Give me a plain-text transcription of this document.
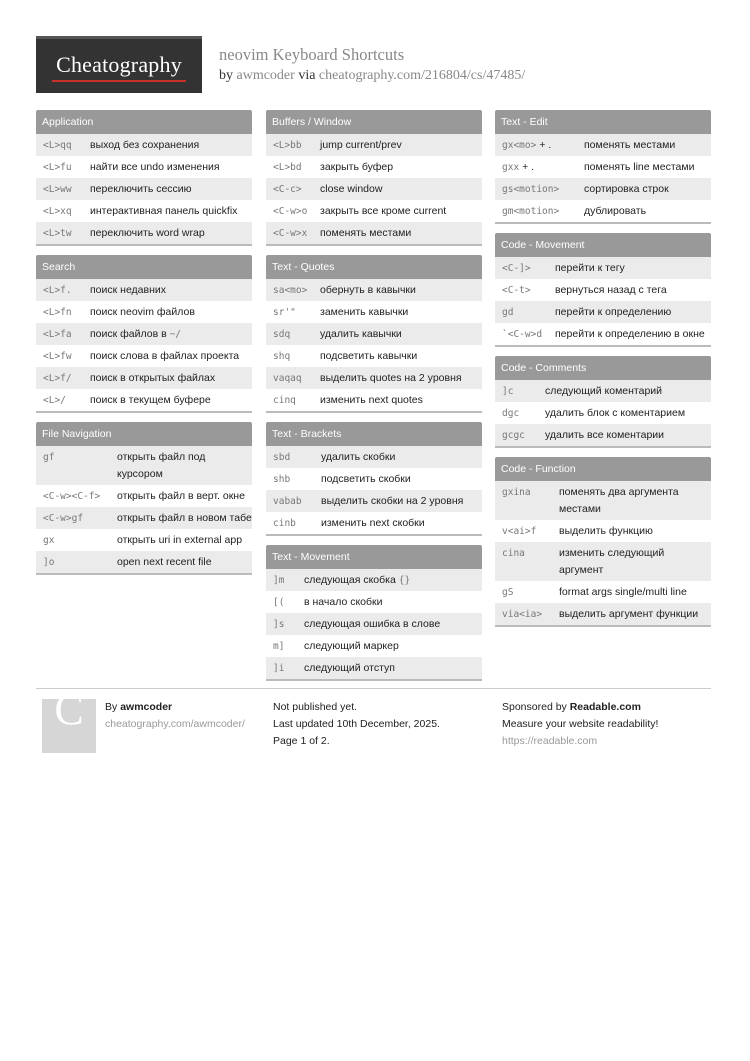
Cheatography	neovim Keyboard Shortcuts
by awmcoder via cheatography.com/216804/cs/47485/
Application
<L>qq	выход без сохранения
<L>fu	найти все undo изменения
<L>ww	переключить сессию
<L>xq	интерактивная панель quickfix
<L>tw	переключить word wrap
Search
<L>f.	поиск недавних
<L>fn	поиск neovim файлов
<L>fa	поиск файлов в ~/
<L>fw	поиск слова в файлах проекта
<L>f/	поиск в открытых файлах
<L>/	поиск в текущем буфере
File Navigation
gf	открыть файл под курсором
<C-w><C-f>	открыть файл в верт. окне
<C-w>gf	открыть файл в новом табе
gx	открыть uri in external app
]o	open next recent file
Buffers / Window
<L>bb	jump current/prev
<L>bd	закрыть буфер
<C-c>	close window
<C-w>o	закрыть все кроме current
<C-w>x	поменять местами
Text - Quotes
sa<mo>	обернуть в кавычки
sr'"	заменить кавычки
sdq	удалить кавычки
shq	подсветить кавычки
vaqaq	выделить quotes на 2 уровня
cinq	изменить next quotes
Text - Brackets
sbd	удалить скобки
shb	подсветить скобки
vabab	выделить скобки на 2 уровня
cinb	изменить next скобки
Text - Movement
]m	следующая скобка {}
[(	в начало скобки
]s	следующая ошибка в слове
m]	следующий маркер
]i	следующий отступ
Text - Edit
gx<mo> + .	поменять местами
gxx + .	поменять line местами
gs<motion>	сортировка строк
gm<motion>	дублировать
Code - Movement
<C-]>	перейти к тегу
<C-t>	вернуться назад с тега
gd	перейти к определению
`<C-w>d	перейти к определению в окне
Code - Comments
]c	следующий коментарий
dgc	удалить блок с коментарием
gcgc	удалить все коментарии
Code - Function
gxina	поменять два аргумента местами
v<ai>f	выделить функцию
cina	изменить следующий аргумент
gS	format args single/multi line
via<ia>	выделить аргумент функции
C	By awmcoder
cheatography.com/awmcoder/
Not published yet.
Last updated 10th December, 2025.
Page 1 of 2.
Sponsored by Readable.com
Measure your website readability!
https://readable.com
